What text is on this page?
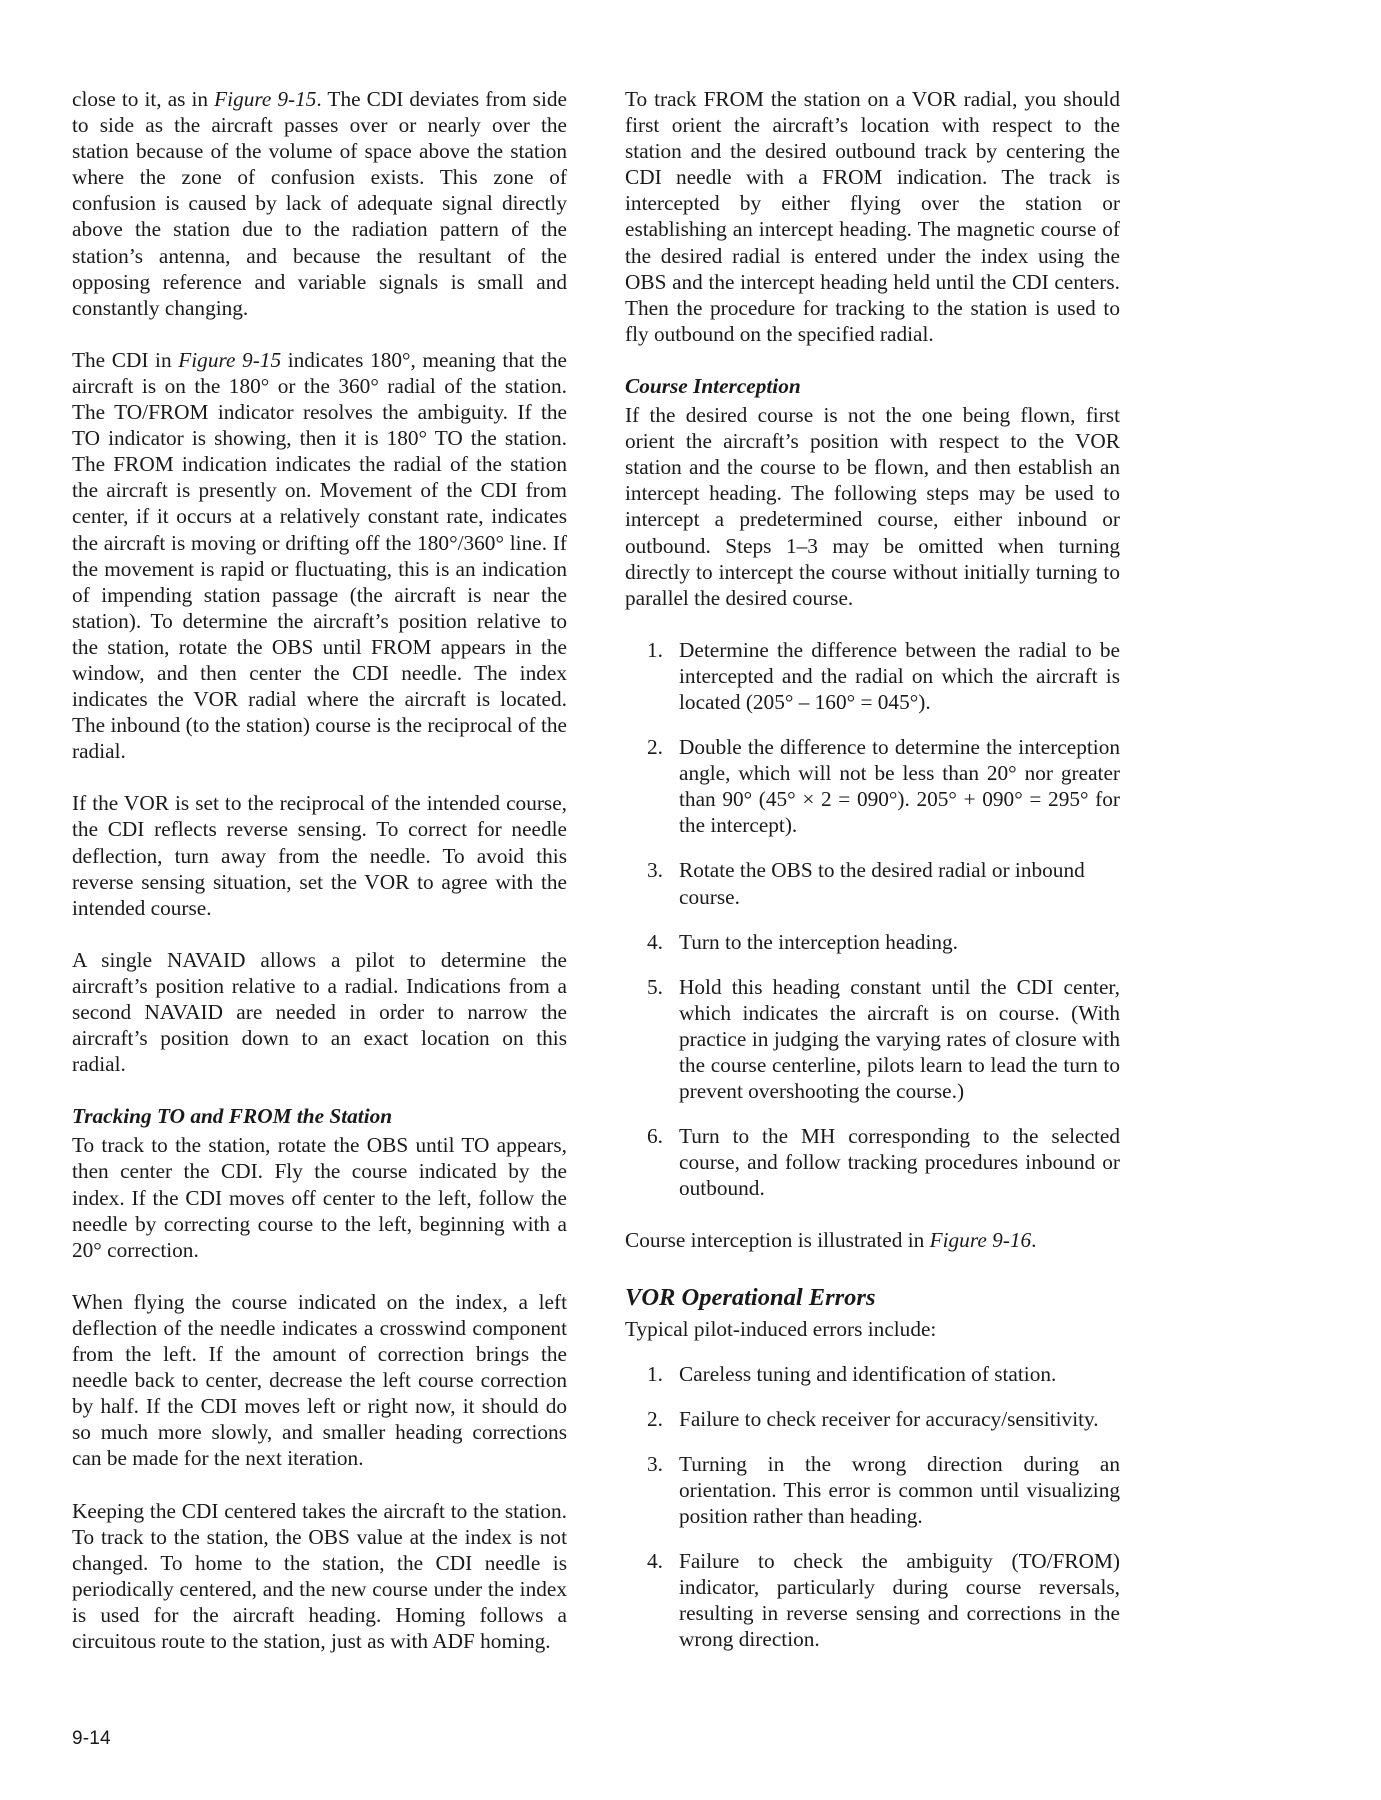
close to it, as in Figure 9-15. The CDI deviates from side to side as the aircraft passes over or nearly over the station because of the volume of space above the station where the zone of confusion exists. This zone of confusion is caused by lack of adequate signal directly above the station due to the radiation pattern of the station’s antenna, and because the resultant of the opposing reference and variable signals is small and constantly changing.

The CDI in Figure 9-15 indicates 180°, meaning that the aircraft is on the 180° or the 360° radial of the station. The TO/FROM indicator resolves the ambiguity. If the TO indicator is showing, then it is 180° TO the station. The FROM indication indicates the radial of the station the aircraft is presently on. Movement of the CDI from center, if it occurs at a relatively constant rate, indicates the aircraft is moving or drifting off the 180°/360° line. If the movement is rapid or fluctuating, this is an indication of impending station passage (the aircraft is near the station). To determine the aircraft’s position relative to the station, rotate the OBS until FROM appears in the window, and then center the CDI needle. The index indicates the VOR radial where the aircraft is located. The inbound (to the station) course is the reciprocal of the radial.

If the VOR is set to the reciprocal of the intended course, the CDI reflects reverse sensing. To correct for needle deflection, turn away from the needle. To avoid this reverse sensing situation, set the VOR to agree with the intended course.

A single NAVAID allows a pilot to determine the aircraft’s position relative to a radial. Indications from a second NAVAID are needed in order to narrow the aircraft’s position down to an exact location on this radial.

Tracking TO and FROM the Station

To track to the station, rotate the OBS until TO appears, then center the CDI. Fly the course indicated by the index. If the CDI moves off center to the left, follow the needle by correcting course to the left, beginning with a 20° correction.

When flying the course indicated on the index, a left deflection of the needle indicates a crosswind component from the left. If the amount of correction brings the needle back to center, decrease the left course correction by half. If the CDI moves left or right now, it should do so much more slowly, and smaller heading corrections can be made for the next iteration.

Keeping the CDI centered takes the aircraft to the station. To track to the station, the OBS value at the index is not changed. To home to the station, the CDI needle is periodically centered, and the new course under the index is used for the aircraft heading. Homing follows a circuitous route to the station, just as with ADF homing.

To track FROM the station on a VOR radial, you should first orient the aircraft’s location with respect to the station and the desired outbound track by centering the CDI needle with a FROM indication. The track is intercepted by either flying over the station or establishing an intercept heading. The magnetic course of the desired radial is entered under the index using the OBS and the intercept heading held until the CDI centers. Then the procedure for tracking to the station is used to fly outbound on the specified radial.

Course Interception

If the desired course is not the one being flown, first orient the aircraft’s position with respect to the VOR station and the course to be flown, and then establish an intercept heading. The following steps may be used to intercept a predetermined course, either inbound or outbound. Steps 1–3 may be omitted when turning directly to intercept the course without initially turning to parallel the desired course.

1. Determine the difference between the radial to be intercepted and the radial on which the aircraft is located (205° – 160° = 045°).
2. Double the difference to determine the interception angle, which will not be less than 20° nor greater than 90° (45° × 2 = 090°). 205° + 090° = 295° for the intercept).
3. Rotate the OBS to the desired radial or inbound course.
4. Turn to the interception heading.
5. Hold this heading constant until the CDI center, which indicates the aircraft is on course. (With practice in judging the varying rates of closure with the course centerline, pilots learn to lead the turn to prevent overshooting the course.)
6. Turn to the MH corresponding to the selected course, and follow tracking procedures inbound or outbound.

Course interception is illustrated in Figure 9-16.

VOR Operational Errors

Typical pilot-induced errors include:

1. Careless tuning and identification of station.
2. Failure to check receiver for accuracy/sensitivity.
3. Turning in the wrong direction during an orientation. This error is common until visualizing position rather than heading.
4. Failure to check the ambiguity (TO/FROM) indicator, particularly during course reversals, resulting in reverse sensing and corrections in the wrong direction.
9-14
